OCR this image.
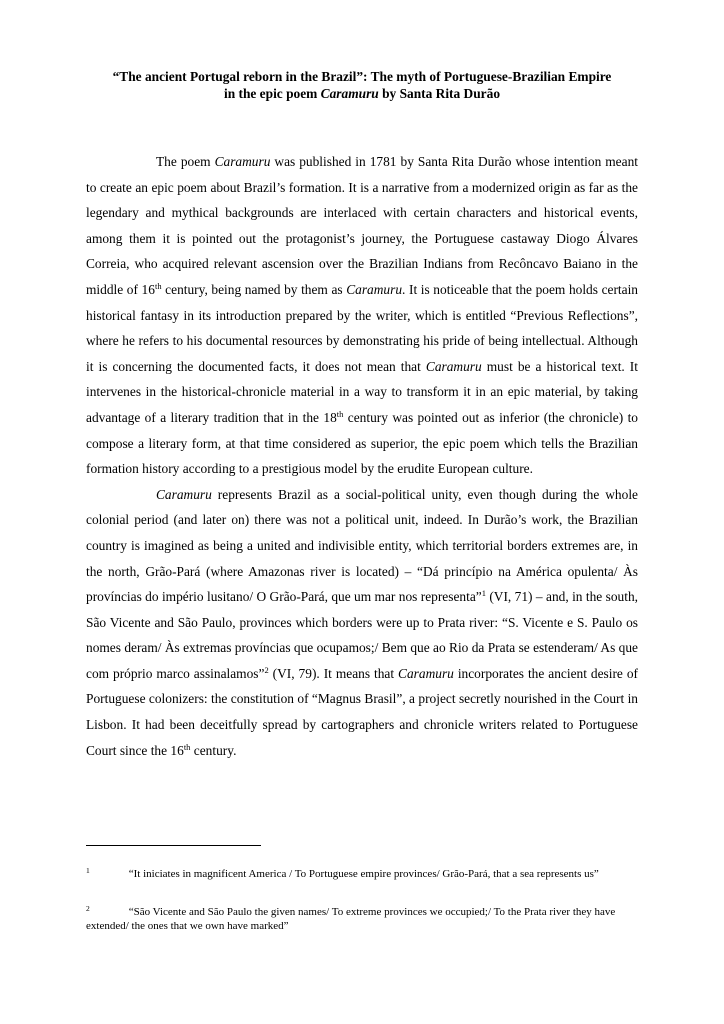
“The ancient Portugal reborn in the Brazil”: The myth of Portuguese-Brazilian Empire
in the epic poem Caramuru by Santa Rita Durão

The poem Caramuru was published in 1781 by Santa Rita Durão whose intention meant to create an epic poem about Brazil’s formation. It is a narrative from a modernized origin as far as the legendary and mythical backgrounds are interlaced with certain characters and historical events, among them it is pointed out the protagonist’s journey, the Portuguese castaway Diogo Álvares Correia, who acquired relevant ascension over the Brazilian Indians from Recôncavo Baiano in the middle of 16th century, being named by them as Caramuru. It is noticeable that the poem holds certain historical fantasy in its introduction prepared by the writer, which is entitled “Previous Reflections”, where he refers to his documental resources by demonstrating his pride of being intellectual. Although it is concerning the documented facts, it does not mean that Caramuru must be a historical text. It intervenes in the historical-chronicle material in a way to transform it in an epic material, by taking advantage of a literary tradition that in the 18th century was pointed out as inferior (the chronicle) to compose a literary form, at that time considered as superior, the epic poem which tells the Brazilian formation history according to a prestigious model by the erudite European culture.

Caramuru represents Brazil as a social-political unity, even though during the whole colonial period (and later on) there was not a political unit, indeed. In Durão’s work, the Brazilian country is imagined as being a united and indivisible entity, which territorial borders extremes are, in the north, Grão-Pará (where Amazonas river is located) – “Dá princípio na América opulenta/ Às províncias do império lusitano/ O Grão-Pará, que um mar nos representa”$^1$ (VI, 71) – and, in the south, São Vicente and São Paulo, provinces which borders were up to Prata river: “S. Vicente e S. Paulo os nomes deram/ Às extremas províncias que ocupamos;/ Bem que ao Rio da Prata se estenderam/ As que com próprio marco assinalamos”$^2$ (VI, 79). It means that Caramuru incorporates the ancient desire of Portuguese colonizers: the constitution of “Magnus Brasil”, a project secretly nourished in the Court in Lisbon. It had been deceitfully spread by cartographers and chronicle writers related to Portuguese Court since the 16th century.

$^1$	“It iniciates in magnificent America / To Portuguese empire provinces/ Grão-Pará, that a sea represents us”
$^2$	“São Vicente and São Paulo the given names/ To extreme provinces we occupied;/ To the Prata river they have extended/ the ones that we own have marked”
